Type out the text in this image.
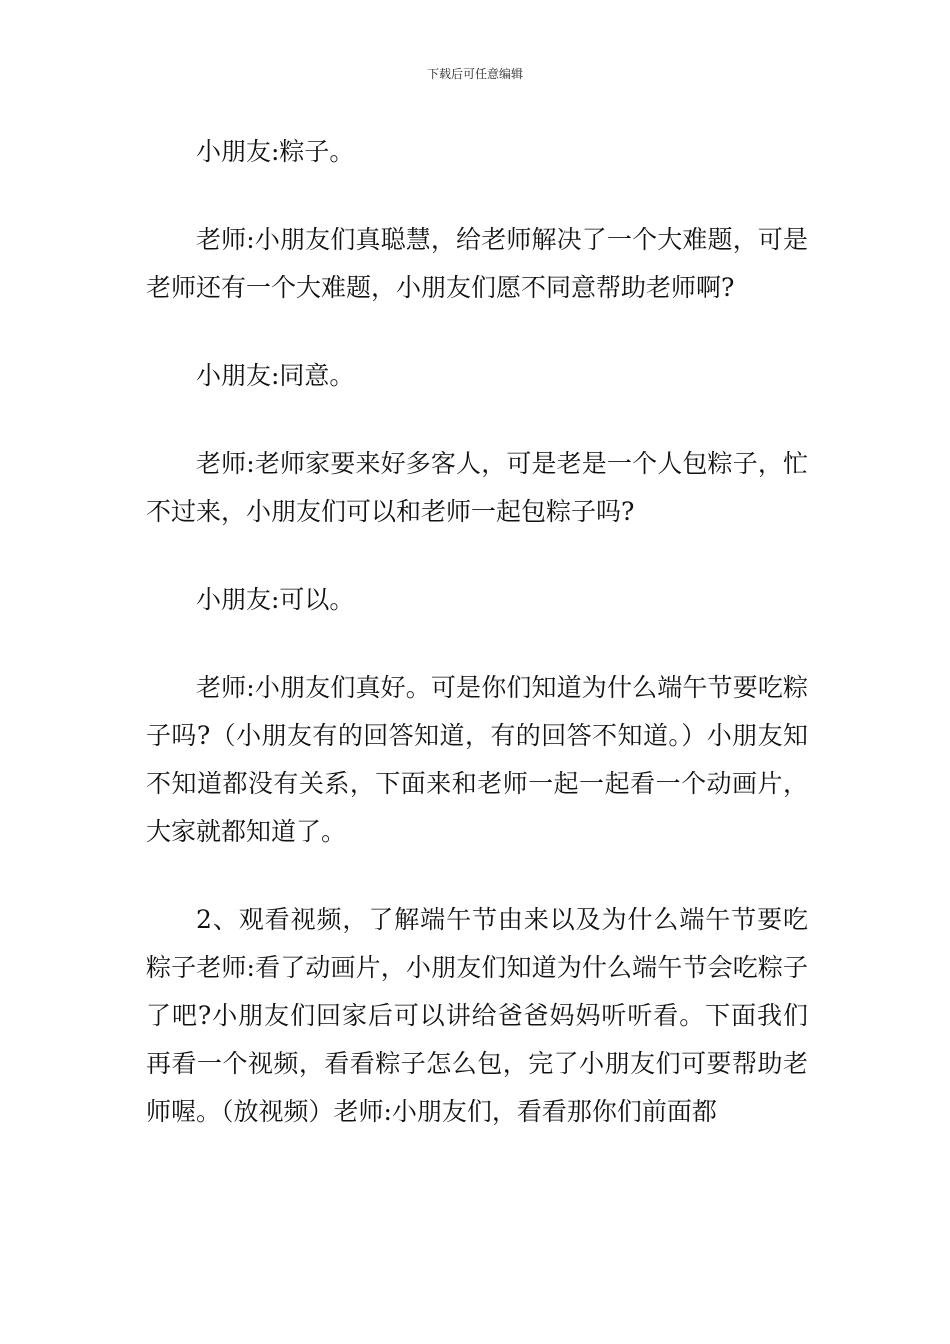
下载后可任意编辑

小朋友:粽子。

老师:小朋友们真聪慧，给老师解决了一个大难题，可是老师还有一个大难题，小朋友们愿不同意帮助老师啊?

小朋友:同意。

老师:老师家要来好多客人，可是老是一个人包粽子，忙不过来，小朋友们可以和老师一起包粽子吗?

小朋友:可以。

老师:小朋友们真好。可是你们知道为什么端午节要吃粽子吗?（小朋友有的回答知道，有的回答不知道。）小朋友知不知道都没有关系，下面来和老师一起一起看一个动画片，大家就都知道了。

2、观看视频，了解端午节由来以及为什么端午节要吃粽子老师:看了动画片，小朋友们知道为什么端午节会吃粽子了吧?小朋友们回家后可以讲给爸爸妈妈听听看。下面我们再看一个视频，看看粽子怎么包，完了小朋友们可要帮助老师喔。（放视频）老师:小朋友们，看看那你们前面都
